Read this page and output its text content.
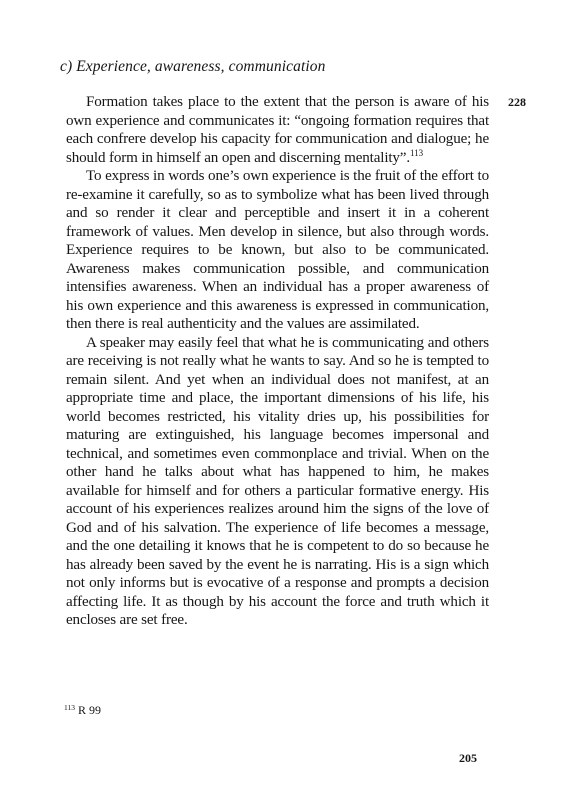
c) Experience, awareness, communication
228

Formation takes place to the extent that the person is aware of his own experience and communicates it: “ongoing formation requires that each confrere develop his capacity for communication and dialogue; he should form in himself an open and discerning mentality”.$^{113}$

To express in words one’s own experience is the fruit of the effort to re-examine it carefully, so as to symbolize what has been lived through and so render it clear and perceptible and insert it in a coherent framework of values. Men develop in silence, but also through words. Experience requires to be known, but also to be communicated. Awareness makes communication possible, and communication intensifies awareness. When an individual has a proper awareness of his own experience and this awareness is expressed in communication, then there is real authenticity and the values are assimilated.

A speaker may easily feel that what he is communicating and others are receiving is not really what he wants to say. And so he is tempted to remain silent. And yet when an individual does not manifest, at an appropriate time and place, the important dimensions of his life, his world becomes restricted, his vitality dries up, his possibilities for maturing are extinguished, his language becomes impersonal and technical, and sometimes even commonplace and trivial. When on the other hand he talks about what has happened to him, he makes available for himself and for others a particular formative energy. His account of his experiences realizes around him the signs of the love of God and of his salvation. The experience of life becomes a message, and the one detailing it knows that he is competent to do so because he has already been saved by the event he is narrating. His is a sign which not only informs but is evocative of a response and prompts a decision affecting life. It as though by his account the force and truth which it encloses are set free.

$^{113}$ R 99
205
